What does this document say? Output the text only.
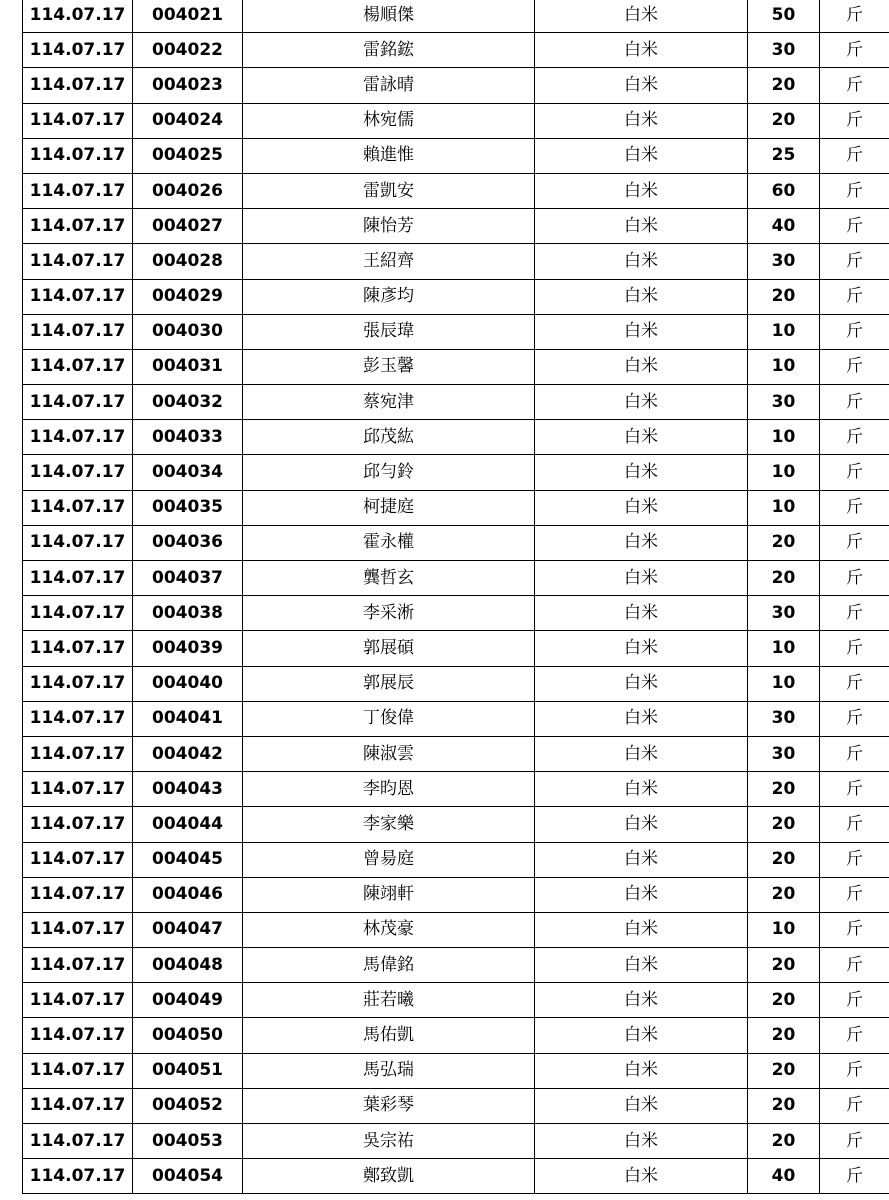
114.07.17	004021	楊順傑	白米	50	斤
114.07.17	004022	雷銘鋐	白米	30	斤
114.07.17	004023	雷詠晴	白米	20	斤
114.07.17	004024	林宛儒	白米	20	斤
114.07.17	004025	賴進惟	白米	25	斤
114.07.17	004026	雷凱安	白米	60	斤
114.07.17	004027	陳怡芳	白米	40	斤
114.07.17	004028	王紹齊	白米	30	斤
114.07.17	004029	陳彥均	白米	20	斤
114.07.17	004030	張辰瑋	白米	10	斤
114.07.17	004031	彭玉馨	白米	10	斤
114.07.17	004032	蔡宛津	白米	30	斤
114.07.17	004033	邱茂紘	白米	10	斤
114.07.17	004034	邱勻鈴	白米	10	斤
114.07.17	004035	柯捷庭	白米	10	斤
114.07.17	004036	霍永權	白米	20	斤
114.07.17	004037	龔哲玄	白米	20	斤
114.07.17	004038	李采淅	白米	30	斤
114.07.17	004039	郭展碩	白米	10	斤
114.07.17	004040	郭展辰	白米	10	斤
114.07.17	004041	丁俊偉	白米	30	斤
114.07.17	004042	陳淑雲	白米	30	斤
114.07.17	004043	李昀恩	白米	20	斤
114.07.17	004044	李家樂	白米	20	斤
114.07.17	004045	曾昜庭	白米	20	斤
114.07.17	004046	陳翊軒	白米	20	斤
114.07.17	004047	林茂豪	白米	10	斤
114.07.17	004048	馬偉銘	白米	20	斤
114.07.17	004049	莊若曦	白米	20	斤
114.07.17	004050	馬佑凱	白米	20	斤
114.07.17	004051	馬弘瑞	白米	20	斤
114.07.17	004052	葉彩琴	白米	20	斤
114.07.17	004053	吳宗祐	白米	20	斤
114.07.17	004054	鄭致凱	白米	40	斤
